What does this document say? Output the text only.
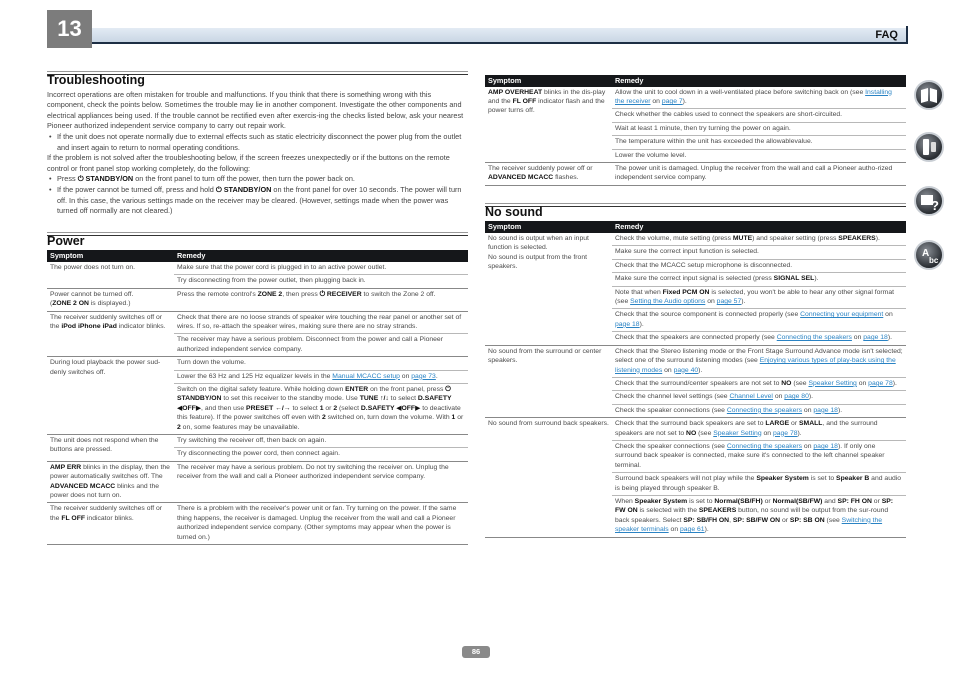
13	FAQ
Troubleshooting

Incorrect operations are often mistaken for trouble and malfunctions. If you think that there is something wrong with this component, check the points below. Sometimes the trouble may lie in another component. Investigate the other components and electrical appliances being used. If the trouble cannot be rectified even after exercis-ing the checks listed below, ask your nearest Pioneer authorized independent service company to carry out repair work.

• If the unit does not operate normally due to external effects such as static electricity disconnect the power plug from the outlet and insert again to return to normal operating conditions.

If the problem is not solved after the troubleshooting below, if the screen freezes unexpectedly or if the buttons on the remote control or front panel stop working completely, do the following:

• Press ⏻ STANDBY/ON on the front panel to turn off the power, then turn the power back on.
• If the power cannot be turned off, press and hold ⏻ STANDBY/ON on the front panel for over 10 seconds. The power will turn off. In this case, the various settings made on the receiver may be cleared. (However, settings made when the power was turned off normally are not cleared.)
Power
Symptom	Remedy
The power does not turn on.	Make sure that the power cord is plugged in to an active power outlet.
	Try disconnecting from the power outlet, then plugging back in.
Power cannot be turned off.
(ZONE 2 ON is displayed.)	Press the remote control's ZONE 2, then press ⏻ RECEIVER to switch the Zone 2 off.
The receiver suddenly switches off or the iPod iPhone iPad indicator blinks.	Check that there are no loose strands of speaker wire touching the rear panel or another set of wires. If so, re-attach the speaker wires, making sure there are no stray strands.
	The receiver may have a serious problem. Disconnect from the power and call a Pioneer authorized independent service company.
During loud playback the power sud-denly switches off.	Turn down the volume.
	Lower the 63 Hz and 125 Hz equalizer levels in the Manual MCACC setup on page 73.
	Switch on the digital safety feature. While holding down ENTER on the front panel, press ⏻ STANDBY/ON to set this receiver to the standby mode. Use TUNE ↑/↓ to select D.SAFETY ◀OFF▶, and then use PRESET ←/→ to select 1 or 2 (select D.SAFETY ◀OFF▶ to deactivate this feature). If the power switches off even with 2 switched on, turn down the volume. With 1 or 2 on, some features may be unavailable.
The unit does not respond when the buttons are pressed.	Try switching the receiver off, then back on again.
	Try disconnecting the power cord, then connect again.
AMP ERR blinks in the display, then the power automatically switches off. The ADVANCED MCACC blinks and the power does not turn on.	The receiver may have a serious problem. Do not try switching the receiver on. Unplug the receiver from the wall and call a Pioneer authorized independent service company.
The receiver suddenly switches off or the FL OFF indicator blinks.	There is a problem with the receiver's power unit or fan. Try turning on the power. If the same thing happens, the receiver is damaged. Unplug the receiver from the wall and call a Pioneer authorized independent service company. (Other symptoms may appear when the power is turned on.)
Symptom	Remedy
AMP OVERHEAT blinks in the dis-play and the FL OFF indicator flash and the power turns off.	Allow the unit to cool down in a well-ventilated place before switching back on (see Installing the receiver on page 7).
	Check whether the cables used to connect the speakers are short-circuited.
	Wait at least 1 minute, then try turning the power on again.
	The temperature within the unit has exceeded the allowablevalue.
	Lower the volume level.
The receiver suddenly power off or ADVANCED MCACC flashes.	The power unit is damaged. Unplug the receiver from the wall and call a Pioneer autho-rized independent service company.
No sound
Symptom	Remedy
No sound is output when an input function is selected.
No sound is output from the front speakers.	Check the volume, mute setting (press MUTE) and speaker setting (press SPEAKERS).
	Make sure the correct input function is selected.
	Check that the MCACC setup microphone is disconnected.
	Make sure the correct input signal is selected (press SIGNAL SEL).
	Note that when Fixed PCM ON is selected, you won't be able to hear any other signal format (see Setting the Audio options on page 57).
	Check that the source component is connected properly (see Connecting your equipment on page 18).
	Check that the speakers are connected properly (see Connecting the speakers on page 18).
No sound from the surround or center speakers.	Check that the Stereo listening mode or the Front Stage Surround Advance mode isn't selected; select one of the surround listening modes (see Enjoying various types of play-back using the listening modes on page 40).
	Check that the surround/center speakers are not set to NO (see Speaker Setting on page 78).
	Check the channel level settings (see Channel Level on page 80).
	Check the speaker connections (see Connecting the speakers on page 18).
No sound from surround back speakers.	Check that the surround back speakers are set to LARGE or SMALL, and the surround speakers are not set to NO (see Speaker Setting on page 78).
	Check the speaker connections (see Connecting the speakers on page 18). If only one surround back speaker is connected, make sure it's connected to the left channel speaker terminal.
	Surround back speakers will not play while the Speaker System is set to Speaker B and audio is being played through speaker B.
	When Speaker System is set to Normal(SB/FH) or Normal(SB/FW) and SP: FH ON or SP: FW ON is selected with the SPEAKERS button, no sound will be output from the sur-round back speakers. Select SP: SB/FH ON, SP: SB/FW ON or SP: SB ON (see Switching the speaker terminals on page 61).
?
A
bc
86
